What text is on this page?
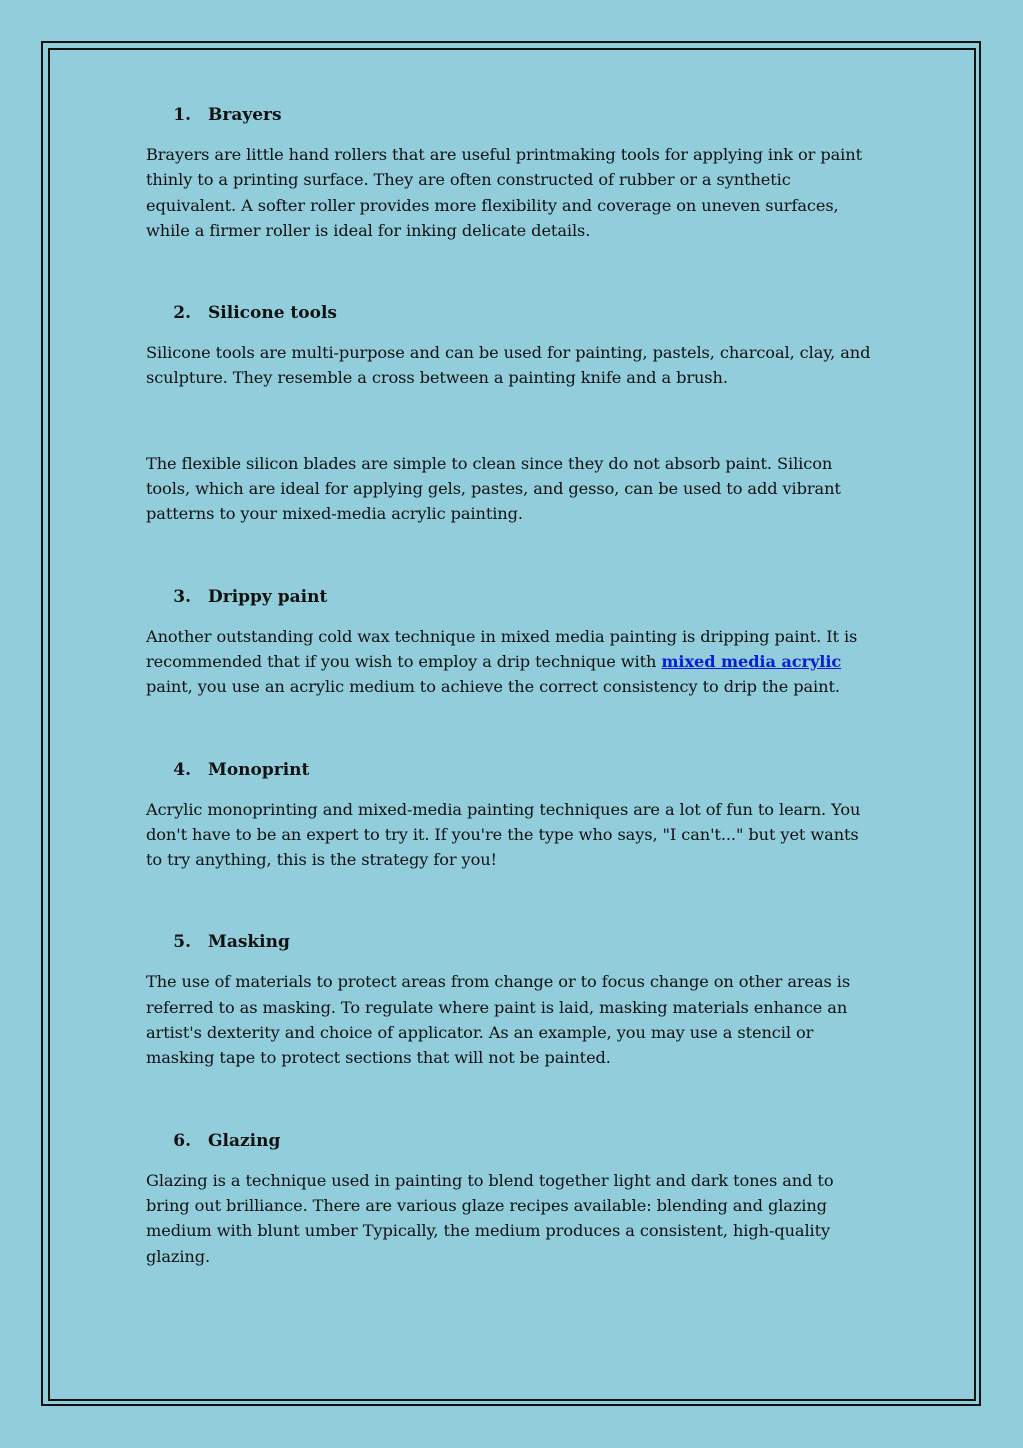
1. Brayers

Brayers are little hand rollers that are useful printmaking tools for applying ink or paint thinly to a printing surface. They are often constructed of rubber or a synthetic equivalent. A softer roller provides more flexibility and coverage on uneven surfaces, while a firmer roller is ideal for inking delicate details.

2. Silicone tools

Silicone tools are multi-purpose and can be used for painting, pastels, charcoal, clay, and sculpture. They resemble a cross between a painting knife and a brush.

The flexible silicon blades are simple to clean since they do not absorb paint. Silicon tools, which are ideal for applying gels, pastes, and gesso, can be used to add vibrant patterns to your mixed-media acrylic painting.

3. Drippy paint

Another outstanding cold wax technique in mixed media painting is dripping paint. It is recommended that if you wish to employ a drip technique with mixed media acrylic paint, you use an acrylic medium to achieve the correct consistency to drip the paint.

4. Monoprint

Acrylic monoprinting and mixed-media painting techniques are a lot of fun to learn. You don't have to be an expert to try it. If you're the type who says, "I can't..." but yet wants to try anything, this is the strategy for you!

5. Masking

The use of materials to protect areas from change or to focus change on other areas is referred to as masking. To regulate where paint is laid, masking materials enhance an artist's dexterity and choice of applicator. As an example, you may use a stencil or masking tape to protect sections that will not be painted.

6. Glazing

Glazing is a technique used in painting to blend together light and dark tones and to bring out brilliance. There are various glaze recipes available: blending and glazing medium with blunt umber Typically, the medium produces a consistent, high-quality glazing.
